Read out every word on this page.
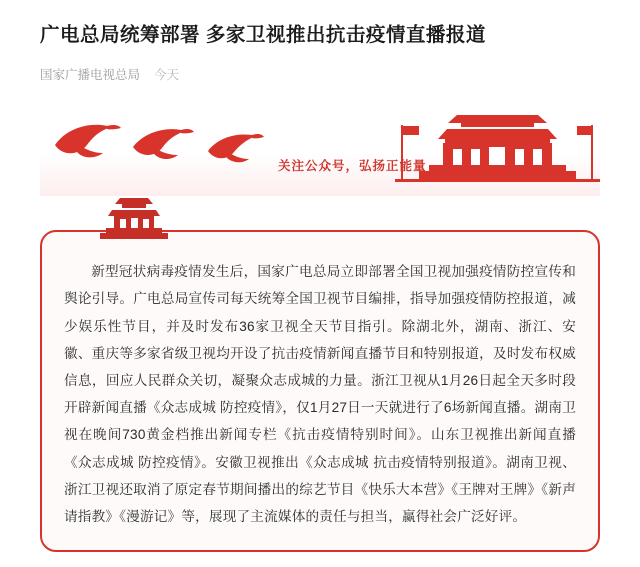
广电总局统筹部署 多家卫视推出抗击疫情直播报道
国家广播电视总局 今天
关注公众号，弘扬正能量

新型冠状病毒疫情发生后，国家广电总局立即部署全国卫视加强疫情防控宣传和舆论引导。广电总局宣传司每天统筹全国卫视节目编排，指导加强疫情防控报道，减少娱乐性节目，并及时发布36家卫视全天节目指引。除湖北外，湖南、浙江、安徽、重庆等多家省级卫视均开设了抗击疫情新闻直播节目和特别报道，及时发布权威信息，回应人民群众关切，凝聚众志成城的力量。浙江卫视从1月26日起全天多时段开辟新闻直播《众志成城 防控疫情》，仅1月27日一天就进行了6场新闻直播。湖南卫视在晚间730黄金档推出新闻专栏《抗击疫情特别时间》。山东卫视推出新闻直播《众志成城 防控疫情》。安徽卫视推出《众志成城 抗击疫情特别报道》。湖南卫视、浙江卫视还取消了原定春节期间播出的综艺节目《快乐大本营》《王牌对王牌》《新声请指教》《漫游记》等，展现了主流媒体的责任与担当，赢得社会广泛好评。
